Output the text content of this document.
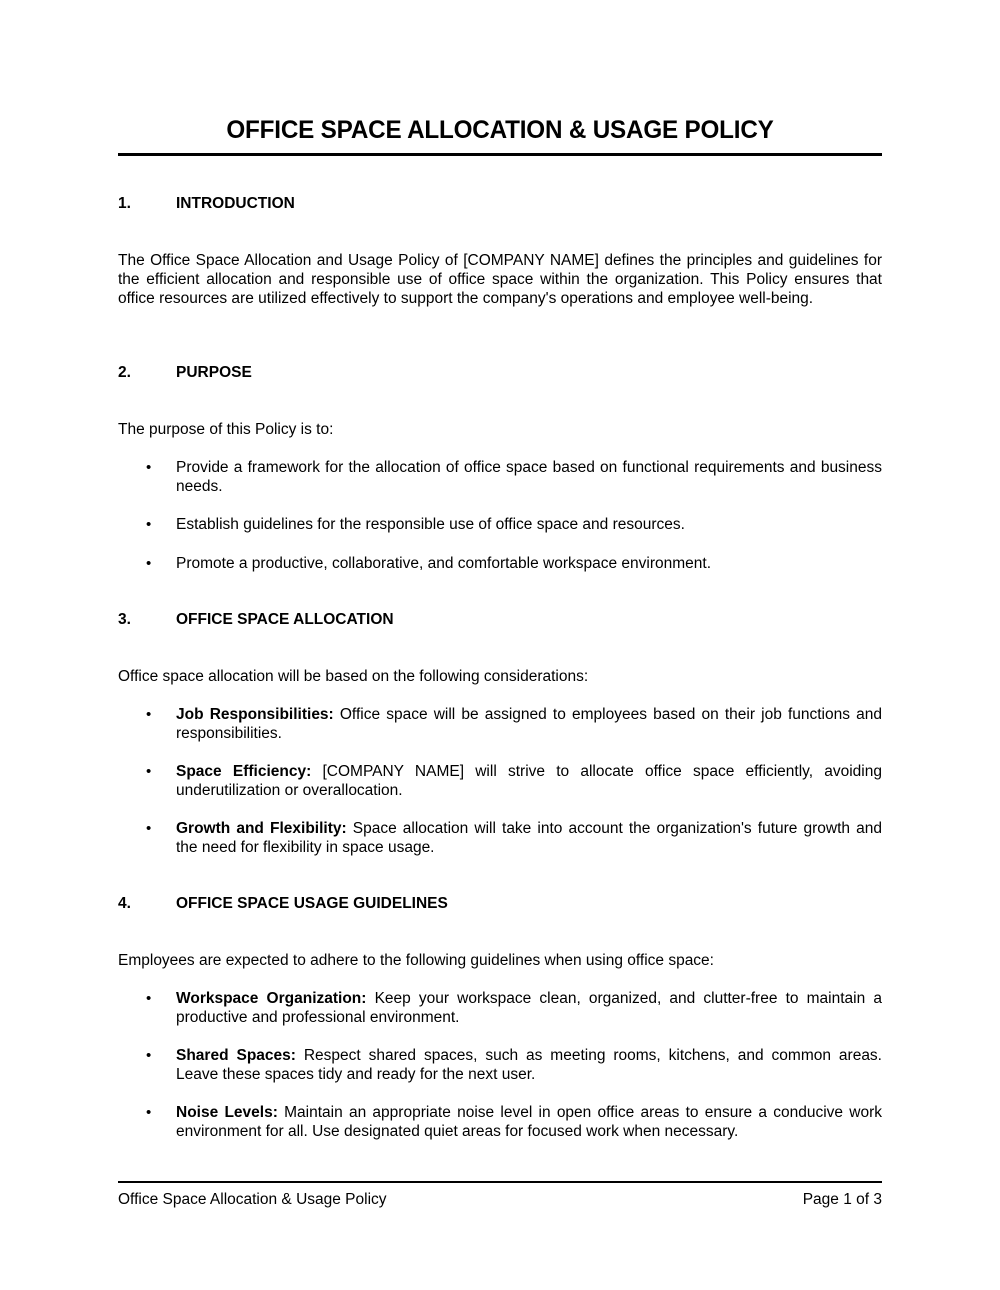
OFFICE SPACE ALLOCATION & USAGE POLICY
1.	INTRODUCTION
The Office Space Allocation and Usage Policy of [COMPANY NAME] defines the principles and guidelines for the efficient allocation and responsible use of office space within the organization. This Policy ensures that office resources are utilized effectively to support the company's operations and employee well-being.
2.	PURPOSE
The purpose of this Policy is to:
• Provide a framework for the allocation of office space based on functional requirements and business needs.
• Establish guidelines for the responsible use of office space and resources.
• Promote a productive, collaborative, and comfortable workspace environment.
3.	OFFICE SPACE ALLOCATION
Office space allocation will be based on the following considerations:
• Job Responsibilities: Office space will be assigned to employees based on their job functions and responsibilities.
• Space Efficiency: [COMPANY NAME] will strive to allocate office space efficiently, avoiding underutilization or overallocation.
• Growth and Flexibility: Space allocation will take into account the organization's future growth and the need for flexibility in space usage.
4.	OFFICE SPACE USAGE GUIDELINES
Employees are expected to adhere to the following guidelines when using office space:
• Workspace Organization: Keep your workspace clean, organized, and clutter-free to maintain a productive and professional environment.
• Shared Spaces: Respect shared spaces, such as meeting rooms, kitchens, and common areas. Leave these spaces tidy and ready for the next user.
• Noise Levels: Maintain an appropriate noise level in open office areas to ensure a conducive work environment for all. Use designated quiet areas for focused work when necessary.
Office Space Allocation & Usage Policy	Page 1 of 3
